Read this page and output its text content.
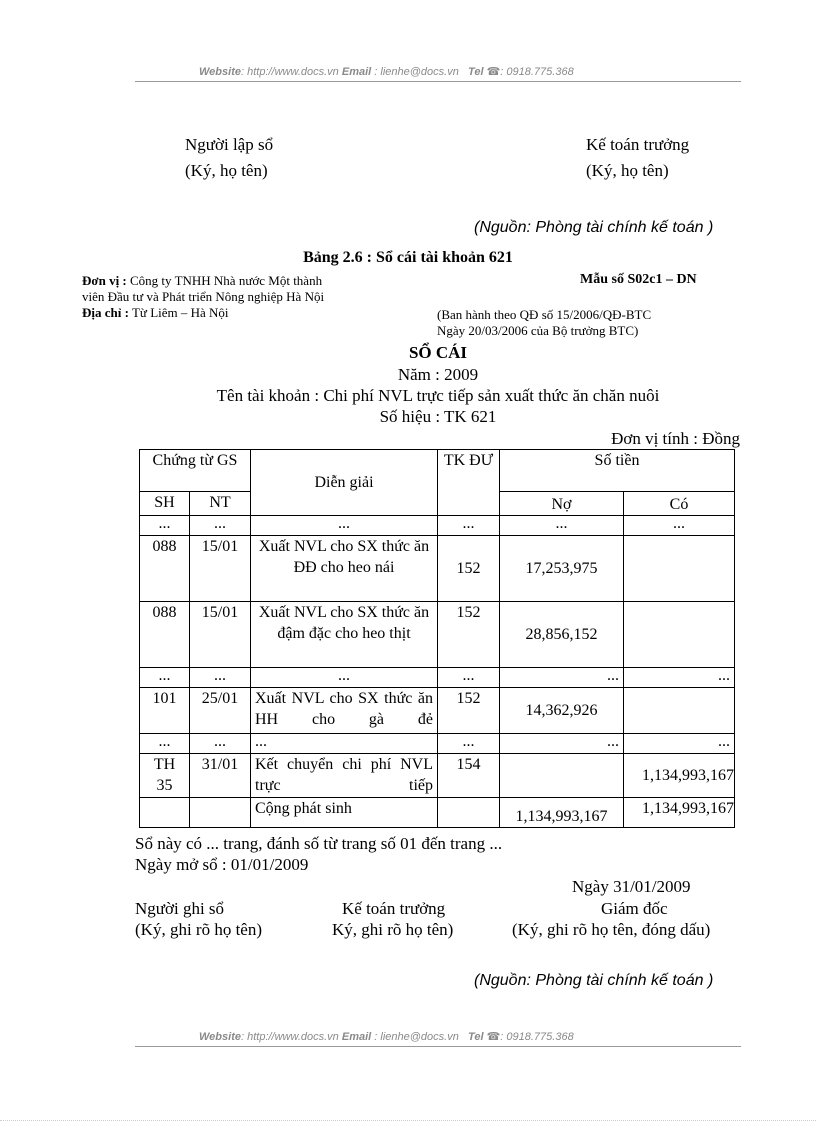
Website: http://www.docs.vn Email : lienhe@docs.vn Tel ☎: 0918.775.368
Người lập sổ
(Ký, họ tên)
Kế toán trưởng
(Ký, họ tên)
(Nguồn: Phòng tài chính kế toán )
Bảng 2.6 : Sổ cái tài khoản 621
Đơn vị : Công ty TNHH Nhà nước Một thành
viên Đầu tư và Phát triển Nông nghiệp Hà Nội
Địa chỉ : Từ Liêm – Hà Nội
Mẫu số S02c1 – DN
(Ban hành theo QĐ số 15/2006/QĐ-BTC
Ngày 20/03/2006 của Bộ trưởng BTC)
SỔ CÁI
Năm : 2009
Tên tài khoản : Chi phí NVL trực tiếp sản xuất thức ăn chăn nuôi
Số hiệu : TK 621
Đơn vị tính : Đồng
Chứng từ GS		Diễn giải	TK ĐƯ	Số tiền	
SH	NT			Nợ	Có
...	...	...	...	...	...
088	15/01	Xuất NVL cho SX thức ăn ĐĐ cho heo nái	152	17,253,975	
088	15/01	Xuất NVL cho SX thức ăn đậm đặc cho heo thịt	152	28,856,152	
...	...	...	...	...	...
101	25/01	Xuất NVL cho SX thức ăn HH cho gà đẻ	152	14,362,926	
...	...	...	...	...	...
TH 35	31/01	Kết chuyển chi phí NVL trực tiếp	154		1,134,993,167
		Cộng phát sinh		1,134,993,167	1,134,993,167
Sổ này có ... trang, đánh số từ trang số 01 đến trang ...
Ngày mở sổ : 01/01/2009
Ngày 31/01/2009
Người ghi sổ
(Ký, ghi rõ họ tên)
Kế toán trưởng
Ký, ghi rõ họ tên)
Giám đốc
(Ký, ghi rõ họ tên, đóng dấu)
(Nguồn: Phòng tài chính kế toán )
Website: http://www.docs.vn Email : lienhe@docs.vn Tel ☎: 0918.775.368
